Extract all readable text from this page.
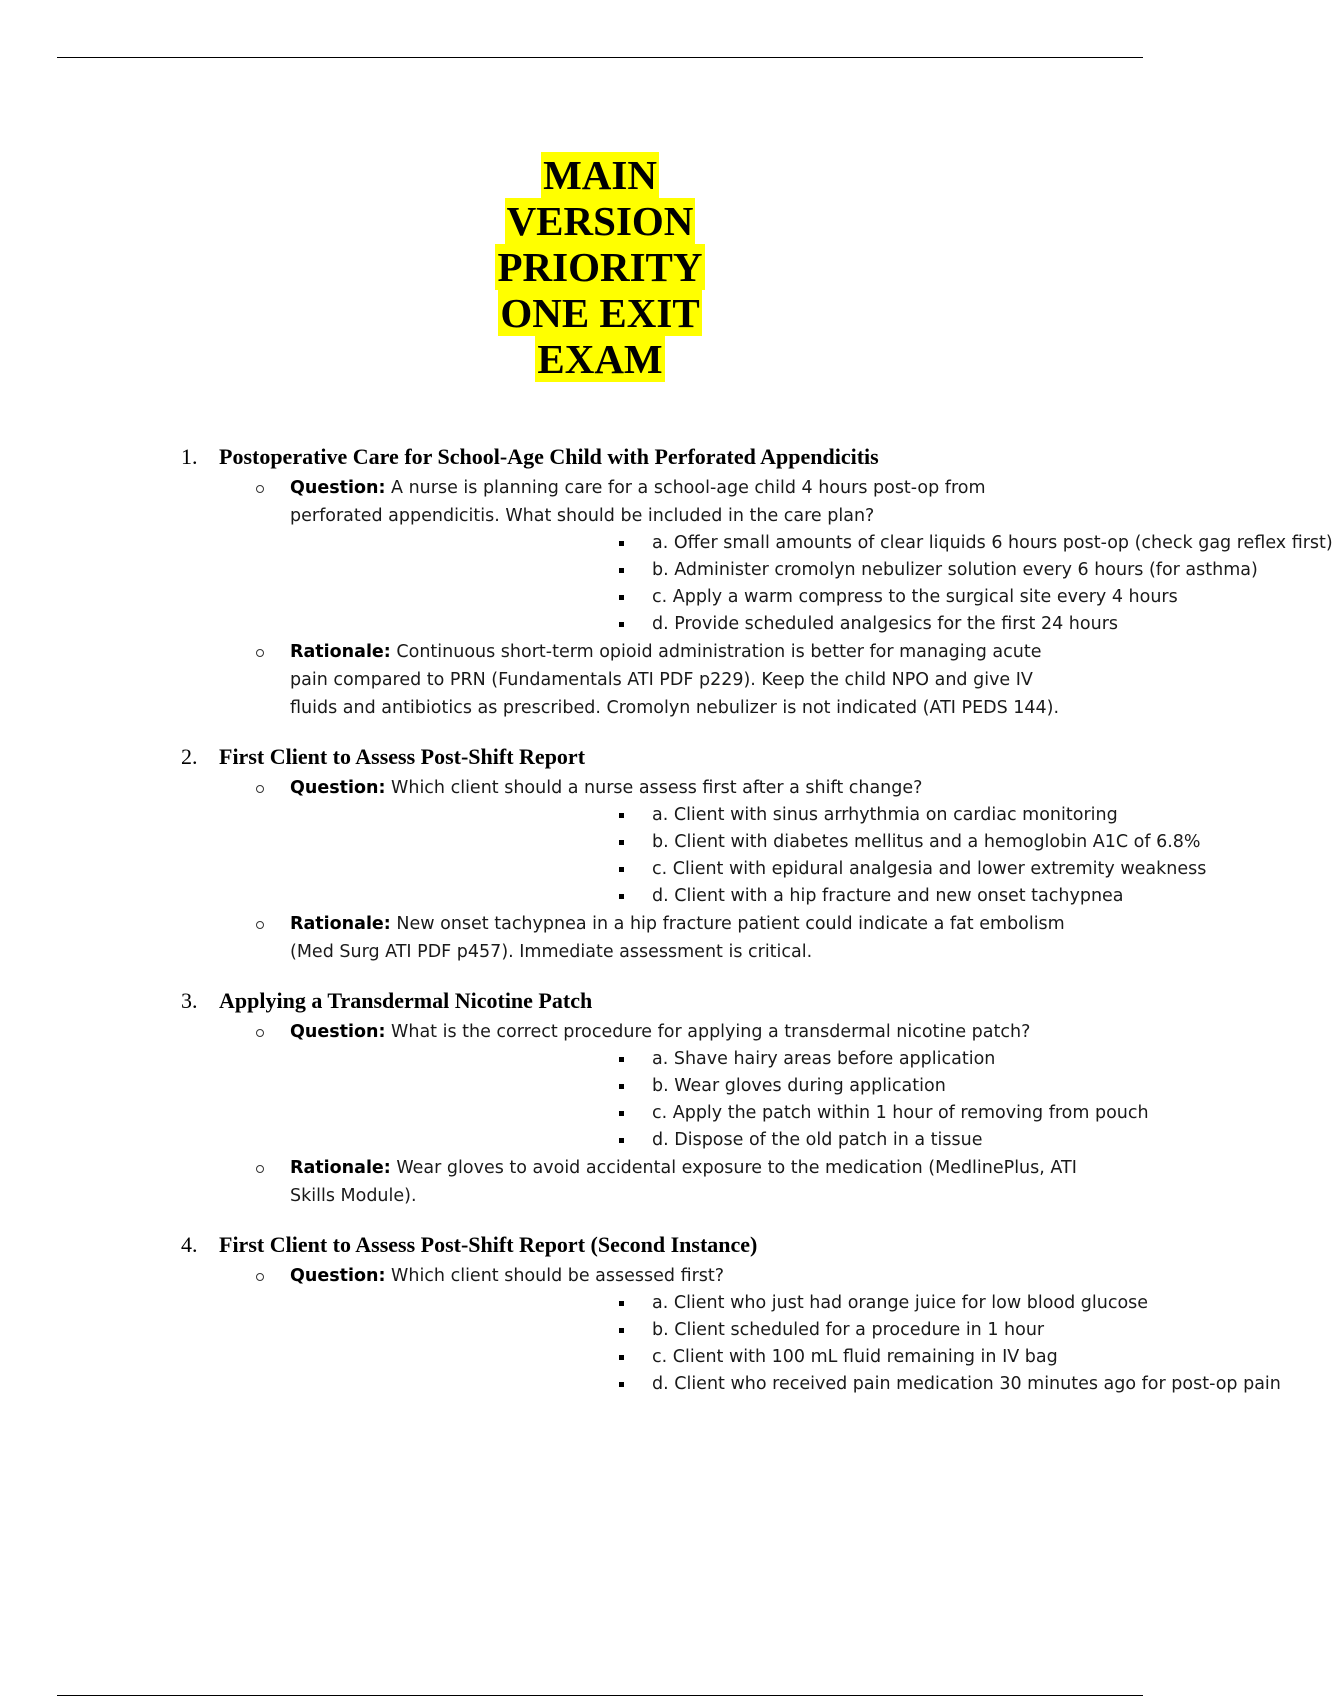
MAIN
VERSION
PRIORITY
ONE EXIT
EXAM
1. Postoperative Care for School-Age Child with Perforated Appendicitis
Question: A nurse is planning care for a school-age child 4 hours post-op from perforated appendicitis. What should be included in the care plan?
a. Offer small amounts of clear liquids 6 hours post-op (check gag reflex first)
b. Administer cromolyn nebulizer solution every 6 hours (for asthma)
c. Apply a warm compress to the surgical site every 4 hours
d. Provide scheduled analgesics for the first 24 hours
Rationale: Continuous short-term opioid administration is better for managing acute pain compared to PRN (Fundamentals ATI PDF p229). Keep the child NPO and give IV fluids and antibiotics as prescribed. Cromolyn nebulizer is not indicated (ATI PEDS 144).
2. First Client to Assess Post-Shift Report
Question: Which client should a nurse assess first after a shift change?
a. Client with sinus arrhythmia on cardiac monitoring
b. Client with diabetes mellitus and a hemoglobin A1C of 6.8%
c. Client with epidural analgesia and lower extremity weakness
d. Client with a hip fracture and new onset tachypnea
Rationale: New onset tachypnea in a hip fracture patient could indicate a fat embolism (Med Surg ATI PDF p457). Immediate assessment is critical.
3. Applying a Transdermal Nicotine Patch
Question: What is the correct procedure for applying a transdermal nicotine patch?
a. Shave hairy areas before application
b. Wear gloves during application
c. Apply the patch within 1 hour of removing from pouch
d. Dispose of the old patch in a tissue
Rationale: Wear gloves to avoid accidental exposure to the medication (MedlinePlus, ATI Skills Module).
4. First Client to Assess Post-Shift Report (Second Instance)
Question: Which client should be assessed first?
a. Client who just had orange juice for low blood glucose
b. Client scheduled for a procedure in 1 hour
c. Client with 100 mL fluid remaining in IV bag
d. Client who received pain medication 30 minutes ago for post-op pain
